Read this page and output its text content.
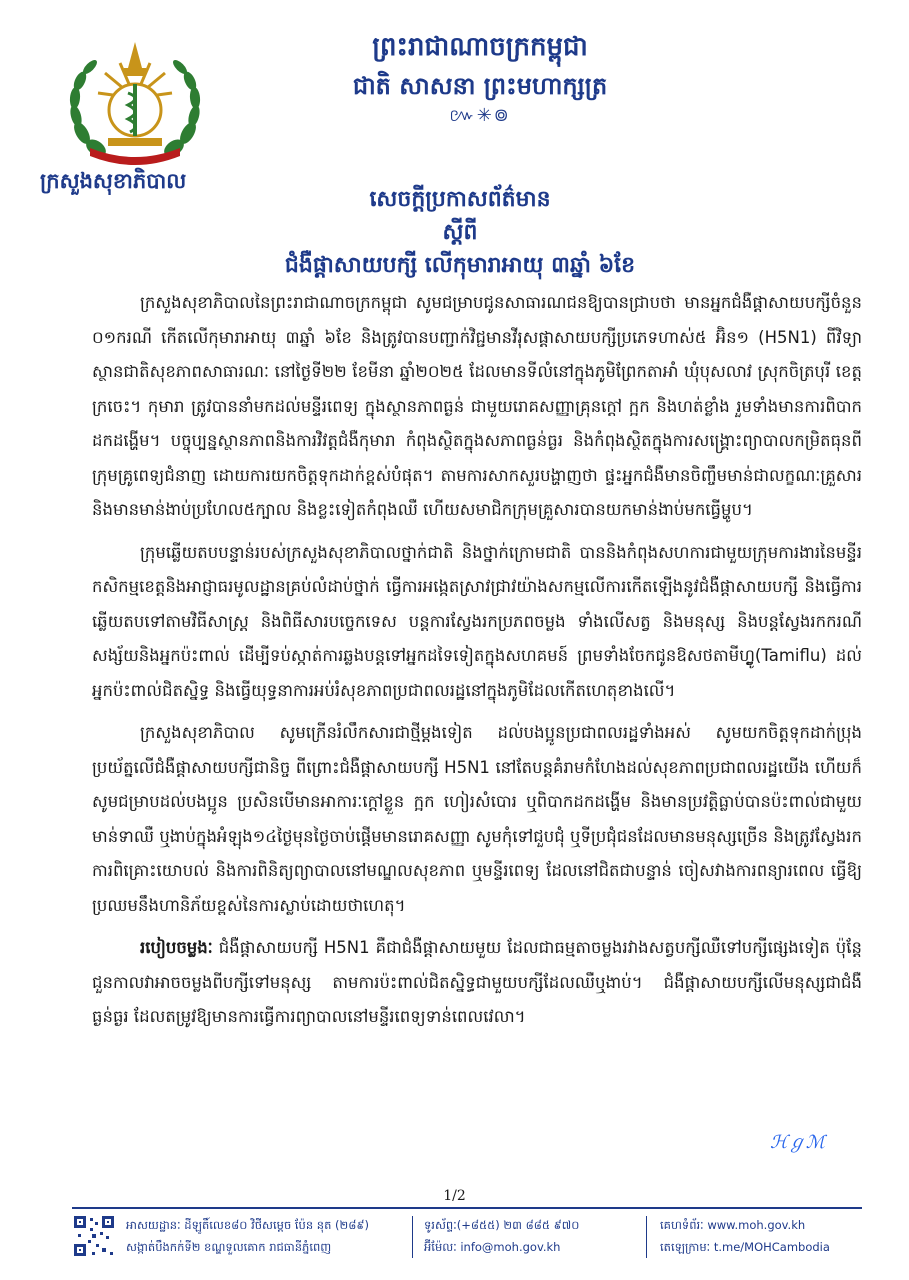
ព្រះរាជាណាចក្រកម្ពុជា
ជាតិ សាសនា ព្រះមហាក្សត្រ
៚✳៙
ក្រសួងសុខាភិបាល
សេចក្តីប្រកាសព័ត៌មាន
ស្តីពី
ជំងឺផ្តាសាយបក្សី លើកុមារាអាយុ ៣ឆ្នាំ ៦ខែ

ក្រសួងសុខាភិបាលនៃព្រះរាជាណាចក្រកម្ពុជា សូមជម្រាបជូនសាធារណជនឱ្យបានជ្រាបថា មានអ្នកជំងឺផ្តាសាយបក្សីចំនួន ០១ករណី កើតលើកុមារាអាយុ ៣ឆ្នាំ ៦ខែ និងត្រូវបានបញ្ជាក់វិជ្ជមានវីរុសផ្តាសាយបក្សីប្រភេទហាស់៥ អ៊ិន១ (H5N1) ពីវិទ្យាស្ថានជាតិសុខភាពសាធារណៈ នៅថ្ងៃទី២២ ខែមីនា ឆ្នាំ២០២៥ ដែលមានទីលំនៅក្នុងភូមិព្រែកតាអាំ ឃុំបុសលាវ ស្រុកចិត្របុរី ខេត្តក្រចេះ។ កុមារា ត្រូវបាននាំមកដល់មន្ទីរពេទ្យ ក្នុងស្ថានភាពធ្ងន់ ជាមួយរោគសញ្ញាគ្រុនក្តៅ ក្អក និងហត់ខ្លាំង រួមទាំងមានការពិបាកដកដង្ហើម។ បច្ចុប្បន្នស្ថានភាពនិងការវិវត្តជំងឺកុមារា កំពុងស្ថិតក្នុងសភាពធ្ងន់ធ្ងរ និងកំពុងស្ថិតក្នុងការសង្គ្រោះព្យាបាលកម្រិតធុនពីក្រុមគ្រូពេទ្យជំនាញ ដោយការយកចិត្តទុកដាក់ខ្ពស់បំផុត។ តាមការសាកសួរបង្ហាញថា ផ្ទះអ្នកជំងឺមានចិញ្ចឹមមាន់ជាលក្ខណៈគ្រួសារ និងមានមាន់ងាប់ប្រហែល៥ក្បាល និងខ្លះទៀតកំពុងឈឺ ហើយសមាជិកក្រុមគ្រួសារបានយកមាន់ងាប់មកធ្វើម្ហូប។

ក្រុមឆ្លើយតបបន្ទាន់របស់ក្រសួងសុខាភិបាលថ្នាក់ជាតិ និងថ្នាក់ក្រោមជាតិ បាននិងកំពុងសហការជាមួយក្រុមការងារនៃមន្ទីរកសិកម្មខេត្តនិងអាជ្ញាធរមូលដ្ឋានគ្រប់លំដាប់ថ្នាក់ ធ្វើការអង្កេតស្រាវជ្រាវយ៉ាងសកម្មលើការកើតឡើងនូវជំងឺផ្តាសាយបក្សី និងធ្វើការឆ្លើយតបទៅតាមវិធីសាស្ត្រ និងពិធីសារបច្ចេកទេស បន្តការស្វែងរកប្រភពចម្លង ទាំងលើសត្វ និងមនុស្ស និងបន្តស្វែងរកករណីសង្ស័យនិងអ្នកប៉ះពាល់ ដើម្បីទប់ស្កាត់ការឆ្លងបន្តទៅអ្នកដទៃទៀតក្នុងសហគមន៍ ព្រមទាំងចែកជូនឱសថតាមីហ្វ្លូ(Tamiflu) ដល់អ្នកប៉ះពាល់ជិតស្និទ្ធ និងធ្វើយុទ្ធនាការអប់រំសុខភាពប្រជាពលរដ្ឋនៅក្នុងភូមិដែលកើតហេតុខាងលើ។

ក្រសួងសុខាភិបាល សូមក្រើនរំលឹកសារជាថ្មីម្តងទៀត ដល់បងប្អូនប្រជាពលរដ្ឋទាំងអស់ សូមយកចិត្តទុកដាក់ប្រុងប្រយ័ត្នលើជំងឺផ្តាសាយបក្សីជានិច្ច ពីព្រោះជំងឺផ្តាសាយបក្សី H5N1 នៅតែបន្តគំរាមកំហែងដល់សុខភាពប្រជាពលរដ្ឋយើង ហើយក៏សូមជម្រាបដល់បងប្អូន ប្រសិនបើមានអាការៈក្តៅខ្លួន ក្អក ហៀរសំបោរ ឬពិបាកដកដង្ហើម និងមានប្រវត្តិធ្លាប់បានប៉ះពាល់ជាមួយមាន់ទាឈឺ ឬងាប់ក្នុងអំឡុង១៤ថ្ងៃមុនថ្ងៃចាប់ផ្តើមមានរោគសញ្ញា សូមកុំទៅជួបជុំ ឬទីប្រជុំជនដែលមានមនុស្សច្រើន និងត្រូវស្វែងរកការពិគ្រោះយោបល់ និងការពិនិត្យព្យាបាលនៅមណ្ឌលសុខភាព ឬមន្ទីរពេទ្យ ដែលនៅជិតជាបន្ទាន់ ចៀសវាងការពន្យារពេល ធ្វើឱ្យប្រឈមនឹងហានិភ័យខ្ពស់នៃការស្លាប់ដោយថាហេតុ។

របៀបចម្លងៈ ជំងឺផ្តាសាយបក្សី H5N1 គឺជាជំងឺផ្តាសាយមួយ ដែលជាធម្មតាចម្លងរវាងសត្វបក្សីឈឺទៅបក្សីផ្សេងទៀត ប៉ុន្តែជួនកាលវាអាចចម្លងពីបក្សីទៅមនុស្ស តាមការប៉ះពាល់ជិតស្និទ្ធជាមួយបក្សីដែលឈឺឬងាប់។ ជំងឺផ្តាសាយបក្សីលើមនុស្សជាជំងឺធ្ងន់ធ្ងរ ដែលតម្រូវឱ្យមានការធ្វើការព្យាបាលនៅមន្ទីរពេទ្យទាន់ពេលវេលា។

ℋℊℳ
1/2
អាសយដ្ឋានៈ ដីឡូតិ៍លេខ៨០ វិថីសម្តេច ប៉ែន នុត (២៨៩)
សង្កាត់បឹងកក់ទី២ ខណ្ឌទួលគោក រាជធានីភ្នំពេញ
ទូរស័ព្ទៈ(+៨៥៥) ២៣ ៨៨៥ ៩៧០
អ៊ីម៉ែលៈ info@moh.gov.kh
គេហទំព័រៈ www.moh.gov.kh
តេឡេក្រាមៈ t.me/MOHCambodia
